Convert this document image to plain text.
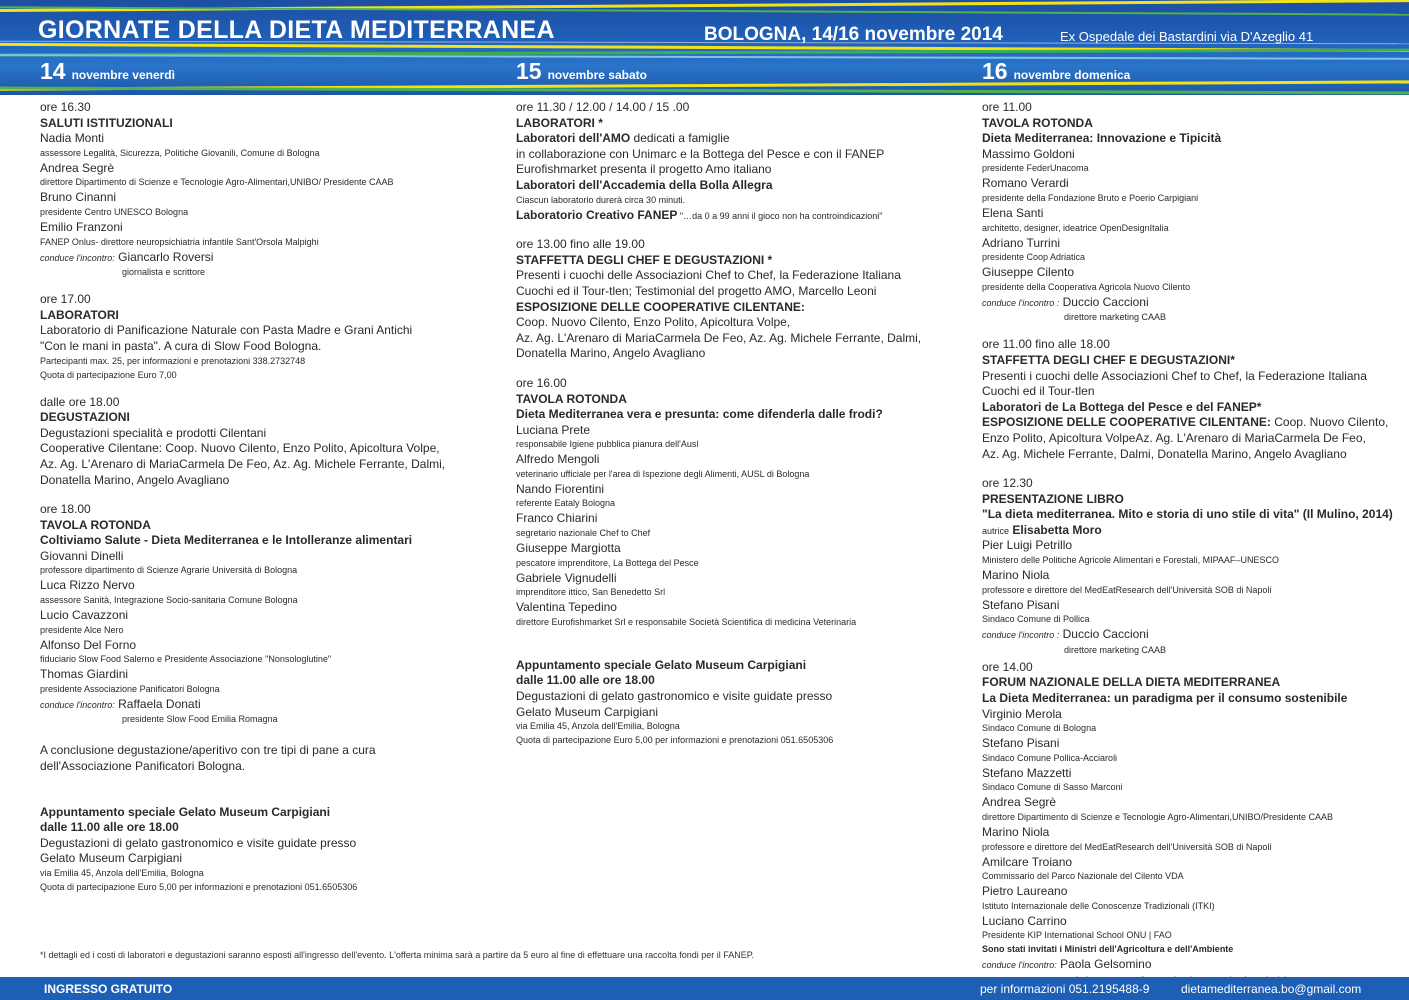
GIORNATE DELLA DIETA MEDITERRANEA	BOLOGNA, 14/16 novembre 2014	Ex Ospedale dei Bastardini via D'Azeglio 41
14 novembre venerdì	15 novembre sabato	16 novembre domenica
ore 16.30
SALUTI ISTITUZIONALI
Nadia Monti
assessore Legalità, Sicurezza, Politiche Giovanili, Comune di Bologna
Andrea Segrè
direttore Dipartimento di Scienze e Tecnologie Agro-Alimentari,UNIBO/ Presidente CAAB
Bruno Cinanni
presidente Centro UNESCO Bologna
Emilio Franzoni
FANEP Onlus- direttore neuropsichiatria infantile Sant'Orsola Malpighi
conduce l'incontro: Giancarlo Roversi
giornalista e scrittore
ore 17.00
LABORATORI
Laboratorio di Panificazione Naturale con Pasta Madre e Grani Antichi
"Con le mani in pasta". A cura di Slow Food Bologna.
Partecipanti max. 25, per informazioni e prenotazioni 338.2732748
Quota di partecipazione Euro 7,00
dalle ore 18.00
DEGUSTAZIONI
Degustazioni specialità e prodotti Cilentani
Cooperative Cilentane: Coop. Nuovo Cilento, Enzo Polito, Apicoltura Volpe,
Az. Ag. L'Arenaro di MariaCarmela De Feo, Az. Ag. Michele Ferrante, Dalmi,
Donatella Marino, Angelo Avagliano
ore 18.00
TAVOLA ROTONDA
Coltiviamo Salute - Dieta Mediterranea e le Intolleranze alimentari
Giovanni Dinelli
professore dipartimento di Scienze Agrarie Università di Bologna
Luca Rizzo Nervo
assessore Sanità, Integrazione Socio-sanitaria Comune Bologna
Lucio Cavazzoni
presidente Alce Nero
Alfonso Del Forno
fiduciario Slow Food Salerno e Presidente Associazione "Nonsologlutine"
Thomas Giardini
presidente Associazione Panificatori Bologna
conduce l'incontro: Raffaela Donati
presidente Slow Food Emilia Romagna
A conclusione degustazione/aperitivo con tre tipi di pane a cura
dell'Associazione Panificatori Bologna.
Appuntamento speciale Gelato Museum Carpigiani
dalle 11.00 alle ore 18.00
Degustazioni di gelato gastronomico e visite guidate presso
Gelato Museum Carpigiani
via Emilia 45, Anzola dell'Emilia, Bologna
Quota di partecipazione Euro 5,00 per informazioni e prenotazioni 051.6505306
ore 11.30 / 12.00 / 14.00 / 15 .00
LABORATORI *
Laboratori dell'AMO dedicati a famiglie
in collaborazione con Unimarc e la Bottega del Pesce e con il FANEP
Eurofishmarket presenta il progetto Amo italiano
Laboratori dell'Accademia della Bolla Allegra
Ciascun laboratorio durerà circa 30 minuti.
Laboratorio Creativo FANEP "…da 0 a 99 anni il gioco non ha controindicazioni"
ore 13.00 fino alle 19.00
STAFFETTA DEGLI CHEF E DEGUSTAZIONI *
Presenti i cuochi delle Associazioni Chef to Chef, la Federazione Italiana
Cuochi ed il Tour-tlen; Testimonial del progetto AMO, Marcello Leoni
ESPOSIZIONE DELLE COOPERATIVE CILENTANE:
Coop. Nuovo Cilento, Enzo Polito, Apicoltura Volpe,
Az. Ag. L'Arenaro di MariaCarmela De Feo, Az. Ag. Michele Ferrante, Dalmi,
Donatella Marino, Angelo Avagliano
ore 16.00
TAVOLA ROTONDA
Dieta Mediterranea vera e presunta: come difenderla dalle frodi?
Luciana Prete
responsabile Igiene pubblica pianura dell'Ausl
Alfredo Mengoli
veterinario ufficiale per l'area di Ispezione degli Alimenti, AUSL di Bologna
Nando Fiorentini
referente Eataly Bologna
Franco Chiarini
segretario nazionale Chef to Chef
Giuseppe Margiotta
pescatore imprenditore, La Bottega del Pesce
Gabriele Vignudelli
imprenditore ittico, San Benedetto Srl
Valentina Tepedino
direttore Eurofishmarket Srl e responsabile Società Scientifica di medicina Veterinaria
Appuntamento speciale Gelato Museum Carpigiani
dalle 11.00 alle ore 18.00
Degustazioni di gelato gastronomico e visite guidate presso
Gelato Museum Carpigiani
via Emilia 45, Anzola dell'Emilia, Bologna
Quota di partecipazione Euro 5,00 per informazioni e prenotazioni 051.6505306
ore 11.00
TAVOLA ROTONDA
Dieta Mediterranea: Innovazione e Tipicità
Massimo Goldoni
presidente FederUnacoma
Romano Verardi
presidente della Fondazione Bruto e Poerio Carpigiani
Elena Santi
architetto, designer, ideatrice OpenDesignItalia
Adriano Turrini
presidente Coop Adriatica
Giuseppe Cilento
presidente della Cooperativa Agricola Nuovo Cilento
conduce l'incontro : Duccio Caccioni
direttore marketing CAAB
ore 11.00 fino alle 18.00
STAFFETTA DEGLI CHEF E DEGUSTAZIONI*
Presenti i cuochi delle Associazioni Chef to Chef, la Federazione Italiana
Cuochi ed il Tour-tlen
Laboratori de La Bottega del Pesce e del FANEP*
ESPOSIZIONE DELLE COOPERATIVE CILENTANE: Coop. Nuovo Cilento,
Enzo Polito, Apicoltura VolpeAz. Ag. L'Arenaro di MariaCarmela De Feo,
Az. Ag. Michele Ferrante, Dalmi, Donatella Marino, Angelo Avagliano
ore 12.30
PRESENTAZIONE LIBRO
"La dieta mediterranea. Mito e storia di uno stile di vita" (Il Mulino, 2014)
autrice Elisabetta Moro
Pier Luigi Petrillo
Ministero delle Politiche Agricole Alimentari e Forestali, MIPAAF–UNESCO
Marino Niola
professore e direttore del MedEatResearch dell'Università SOB di Napoli
Stefano Pisani
Sindaco Comune di Pollica
conduce l'incontro : Duccio Caccioni
direttore marketing CAAB
ore 14.00
FORUM NAZIONALE DELLA DIETA MEDITERRANEA
La Dieta Mediterranea: un paradigma per il consumo sostenibile
Virginio Merola
Sindaco Comune di Bologna
Stefano Pisani
Sindaco Comune Pollica-Acciaroli
Stefano Mazzetti
Sindaco Comune di Sasso Marconi
Andrea Segrè
direttore Dipartimento di Scienze e Tecnologie Agro-Alimentari,UNIBO/Presidente CAAB
Marino Niola
professore e direttore del MedEatResearch dell'Università SOB di Napoli
Amilcare Troiano
Commissario del Parco Nazionale del Cilento VDA
Pietro Laureano
Istituto Internazionale delle Conoscenze Tradizionali (ITKI)
Luciano Carrino
Presidente KIP International School ONU | FAO
Sono stati invitati i Ministri dell'Agricoltura e dell'Ambiente
conduce l'incontro: Paola Gelsomino
*I dettagli ed i costi di laboratori e degustazioni saranno esposti all'ingresso dell'evento. L'offerta minima sarà a partire da 5 euro al fine di effettuare una raccolta fondi per il FANEP.
INGRESSO GRATUITO	per informazioni 051.2195488-9	dietamediterranea.bo@gmail.com
